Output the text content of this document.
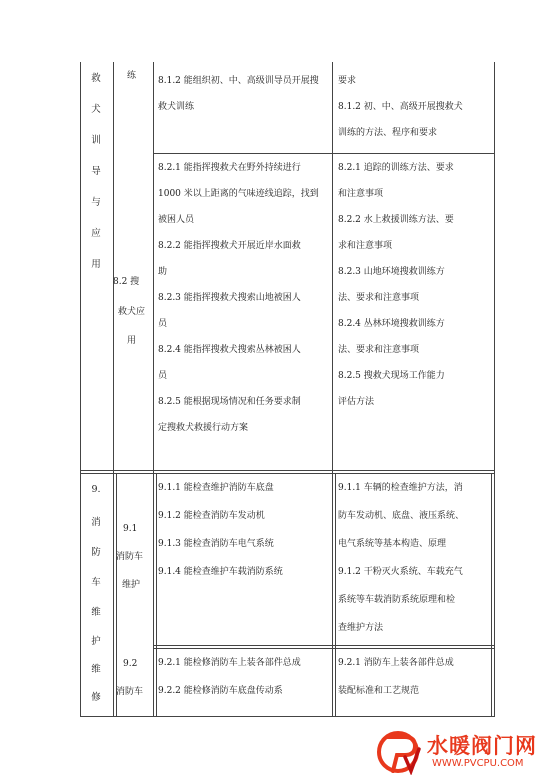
救
犬
训
导
与
应
用
9.
消
防
车
维
护
维
修
练 8.1.2 能组织初、中、高级训导员开展搜
救犬训练
要求
8.1.2 初、中、高级开展搜救犬
训练的方法、程序和要求
8.2 搜
救犬应
用
8.2.1 能指挥搜救犬在野外持续进行
1000 米以上距离的气味迹线追踪，找到
被困人员
8.2.2 能指挥搜救犬开展近岸水面救
助
8.2.3 能指挥搜救犬搜索山地被困人
员
8.2.4 能指挥搜救犬搜索丛林被困人
员
8.2.5 能根据现场情况和任务要求制
定搜救犬救援行动方案
8.2.1 追踪的训练方法、要求
和注意事项
8.2.2 水上救援训练方法、要
求和注意事项
8.2.3 山地环境搜救训练方
法、要求和注意事项
8.2.4 丛林环境搜救训练方
法、要求和注意事项
8.2.5 搜救犬现场工作能力
评估方法
9.1
消防车
维护
9.1.1 能检查维护消防车底盘
9.1.2 能检查消防车发动机
9.1.3 能检查消防车电气系统
9.1.4 能检查维护车载消防系统
9.1.1 车辆的检查维护方法，消
防车发动机、底盘、液压系统、
电气系统等基本构造、原理
9.1.2 干粉灭火系统、车载充气
系统等车载消防系统原理和检
查维护方法
9.2
消防车
9.2.1 能检修消防车上装各部件总成
9.2.2 能检修消防车底盘传动系
9.2.1 消防车上装各部件总成
装配标准和工艺规范
水暖阀门网
WWW.PVCPU.COM
